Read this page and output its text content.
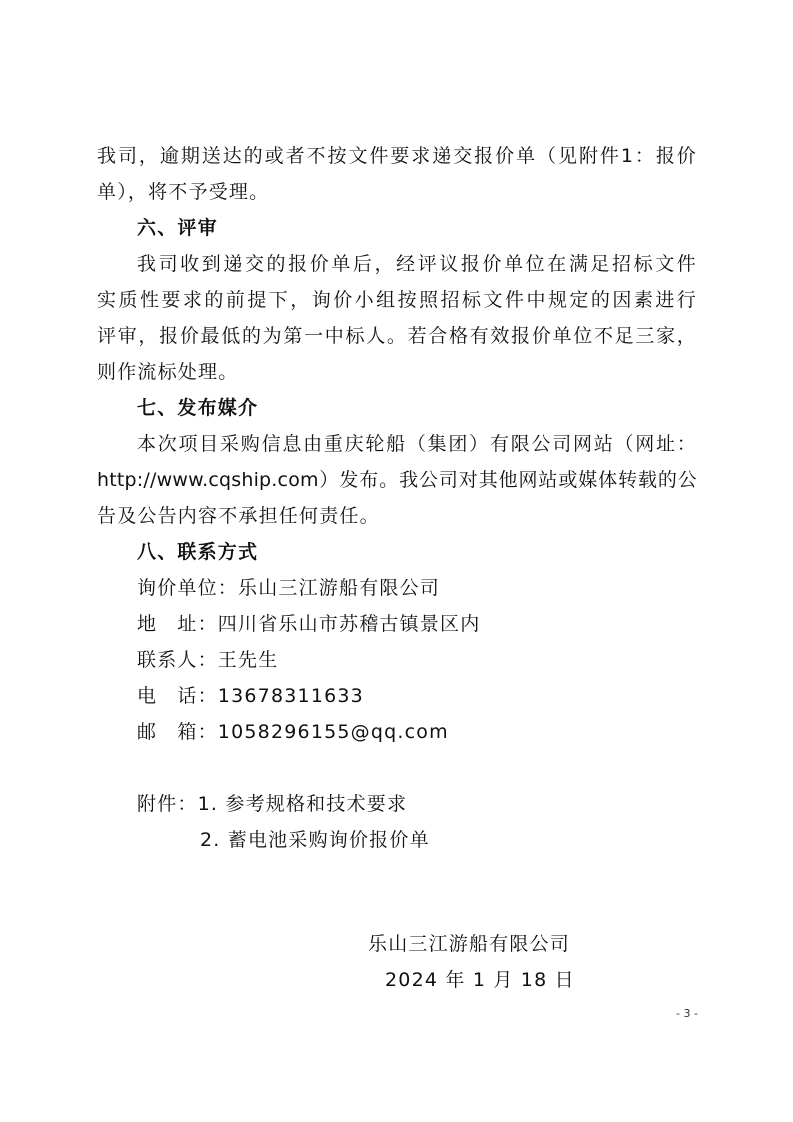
我司，逾期送达的或者不按文件要求递交报价单（见附件1：报价
单），将不予受理。
六、评审
我司收到递交的报价单后，经评议报价单位在满足招标文件
实质性要求的前提下，询价小组按照招标文件中规定的因素进行
评审，报价最低的为第一中标人。若合格有效报价单位不足三家，
则作流标处理。
七、发布媒介
本次项目采购信息由重庆轮船（集团）有限公司网站（网址：
http://www.cqship.com）发布。我公司对其他网站或媒体转载的公
告及公告内容不承担任何责任。
八、联系方式
询价单位：乐山三江游船有限公司
地　址：四川省乐山市苏稽古镇景区内
联系人：王先生
电　话：13678311633
邮　箱：1058296155@qq.com
附件：1. 参考规格和技术要求
2. 蓄电池采购询价报价单
乐山三江游船有限公司
2024 年 1 月 18 日
- 3 -
